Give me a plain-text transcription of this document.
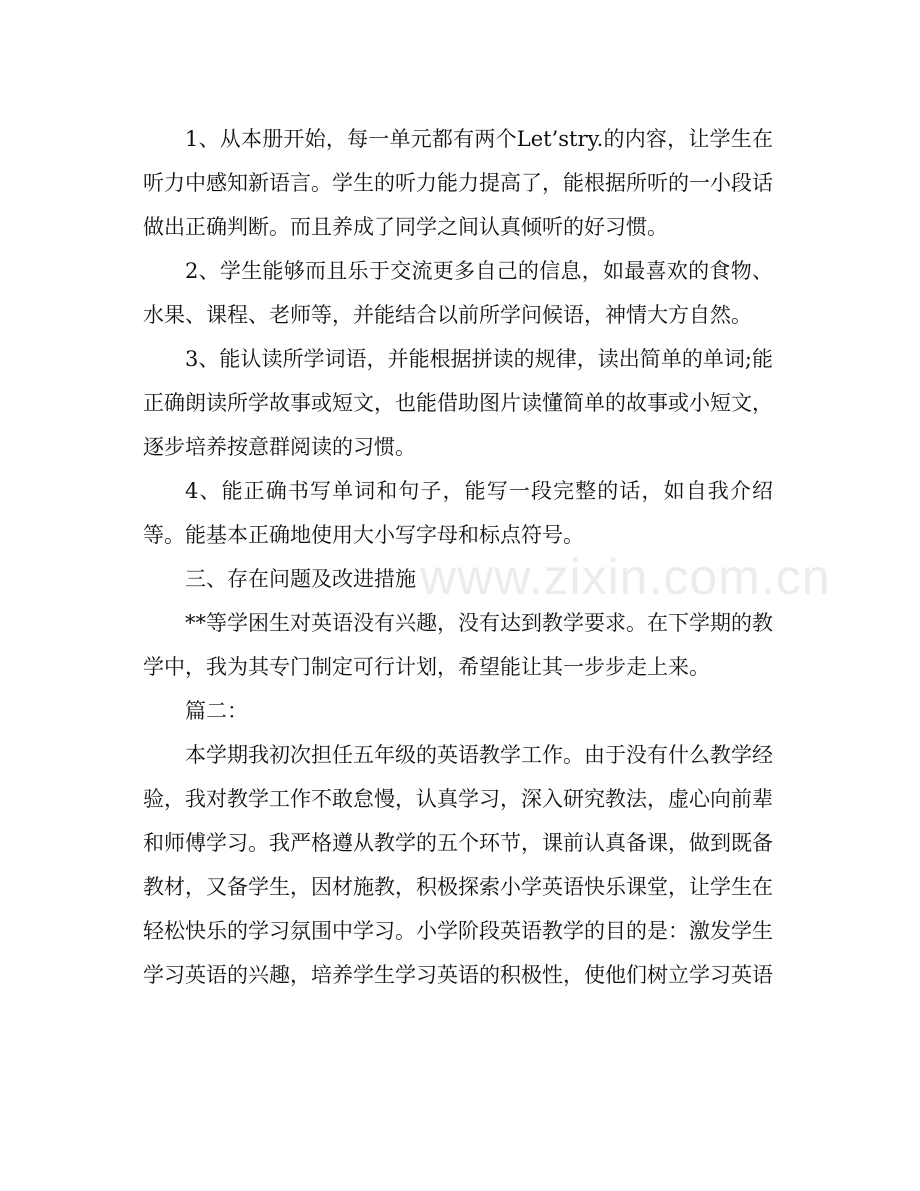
www.zixin.com.cn

1、从本册开始，每一单元都有两个Let’stry.的内容，让学生在听力中感知新语言。学生的听力能力提高了，能根据所听的一小段话做出正确判断。而且养成了同学之间认真倾听的好习惯。

2、学生能够而且乐于交流更多自己的信息，如最喜欢的食物、水果、课程、老师等，并能结合以前所学问候语，神情大方自然。

3、能认读所学词语，并能根据拼读的规律，读出简单的单词;能正确朗读所学故事或短文，也能借助图片读懂简单的故事或小短文，逐步培养按意群阅读的习惯。

4、能正确书写单词和句子，能写一段完整的话，如自我介绍等。能基本正确地使用大小写字母和标点符号。

三、存在问题及改进措施

**等学困生对英语没有兴趣，没有达到教学要求。在下学期的教学中，我为其专门制定可行计划，希望能让其一步步走上来。

篇二：

本学期我初次担任五年级的英语教学工作。由于没有什么教学经验，我对教学工作不敢怠慢，认真学习，深入研究教法，虚心向前辈和师傅学习。我严格遵从教学的五个环节，课前认真备课，做到既备教材，又备学生，因材施教，积极探索小学英语快乐课堂，让学生在轻松快乐的学习氛围中学习。小学阶段英语教学的目的是：激发学生学习英语的兴趣，培养学生学习英语的积极性，使他们树立学习英语
